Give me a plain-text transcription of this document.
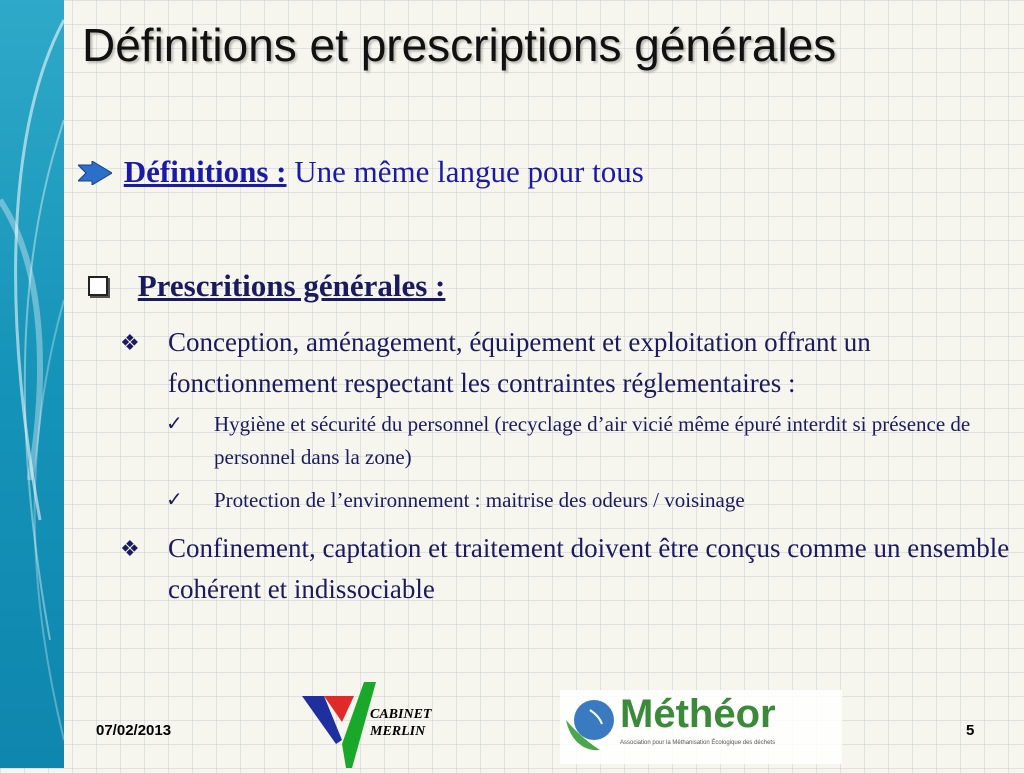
Définitions et prescriptions générales
Définitions : Une même langue pour tous
Prescritions générales :
❖ Conception, aménagement, équipement et exploitation offrant un fonctionnement respectant les contraintes réglementaires :
✓ Hygiène et sécurité du personnel (recyclage d’air vicié même épuré interdit si présence de personnel dans la zone)
✓ Protection de l’environnement : maitrise des odeurs / voisinage
❖ Confinement, captation et traitement doivent être conçus comme un ensemble cohérent et indissociable
07/02/2013
CABINET
MERLIN	Méthéor
Association pour la Méthanisation Écologique des déchets
5
